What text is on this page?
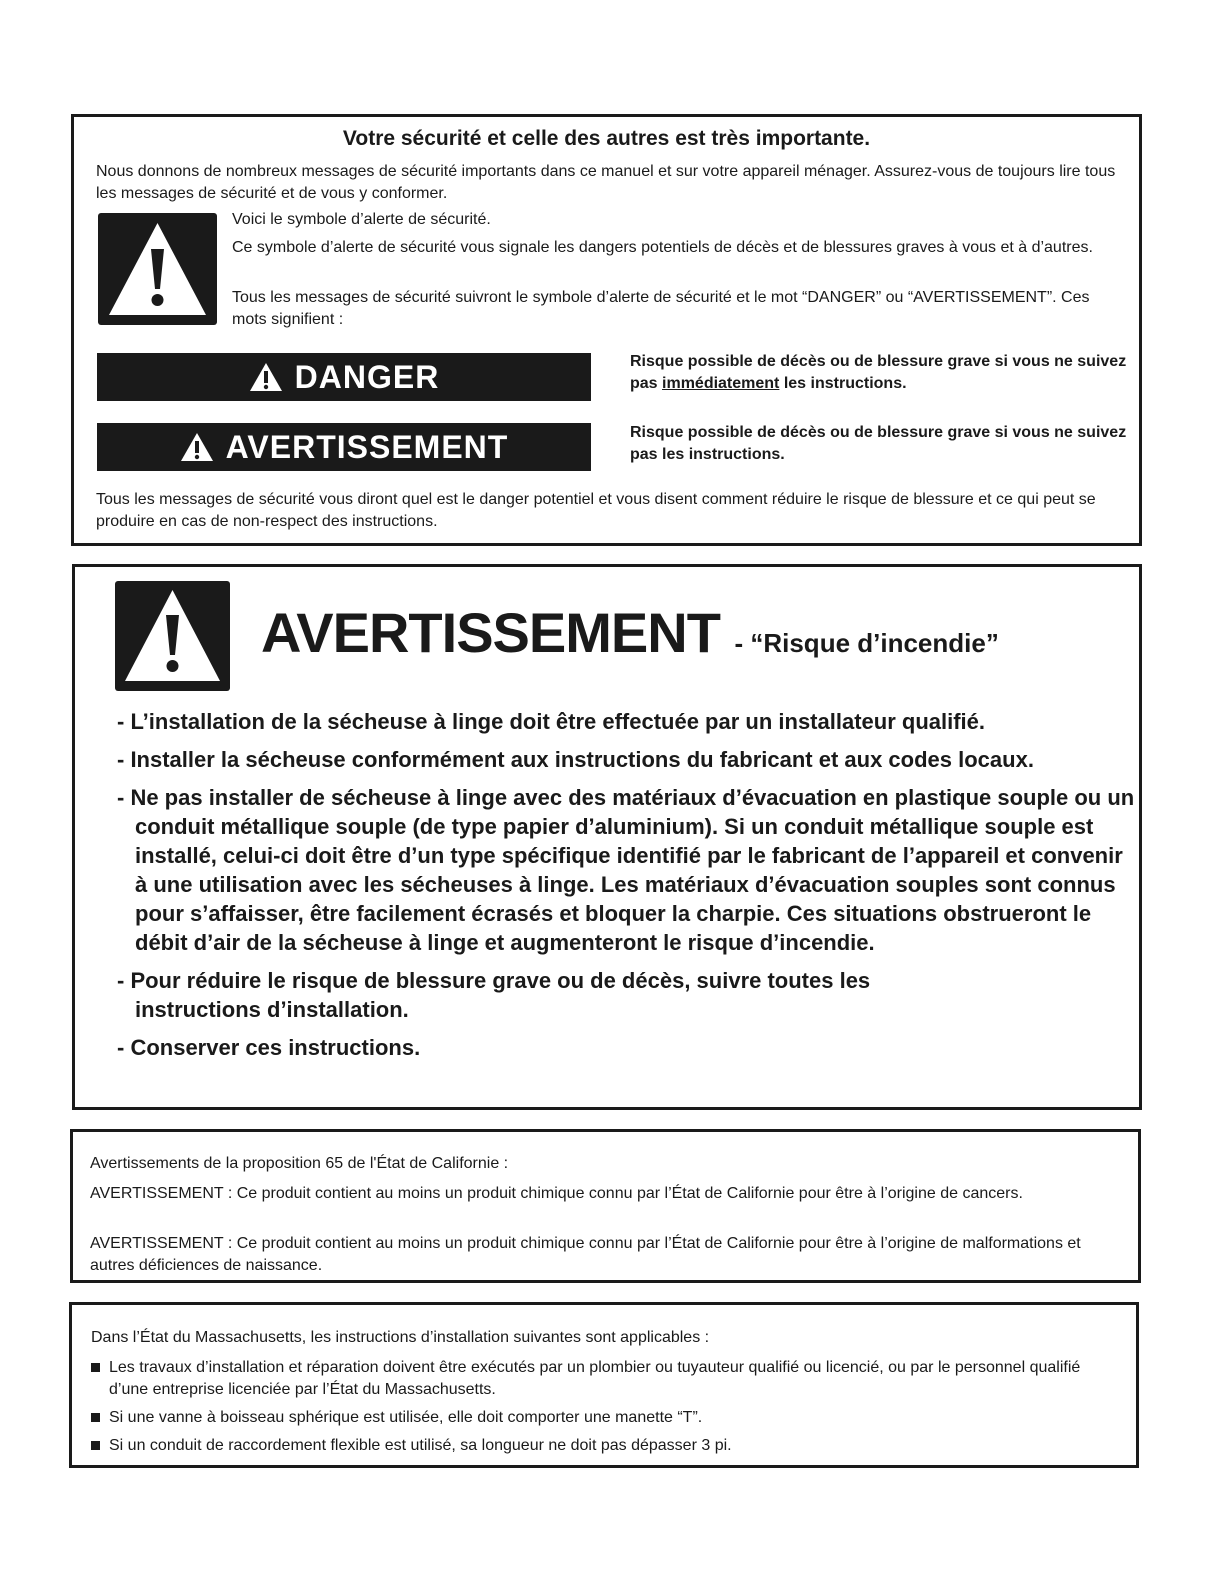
Votre sécurité et celle des autres est très importante.

Nous donnons de nombreux messages de sécurité importants dans ce manuel et sur votre appareil ménager. Assurez-vous de toujours lire tous les messages de sécurité et de vous y conformer.

Voici le symbole d’alerte de sécurité.

Ce symbole d’alerte de sécurité vous signale les dangers potentiels de décès et de blessures graves à vous et à d’autres.

Tous les messages de sécurité suivront le symbole d’alerte de sécurité et le mot “DANGER” ou “AVERTISSEMENT”. Ces mots signifient :

DANGER	Risque possible de décès ou de blessure grave si vous ne suivez pas immédiatement les instructions.

AVERTISSEMENT	Risque possible de décès ou de blessure grave si vous ne suivez pas les instructions.

Tous les messages de sécurité vous diront quel est le danger potentiel et vous disent comment réduire le risque de blessure et ce qui peut se produire en cas de non-respect des instructions.

AVERTISSEMENT - “Risque d’incendie”
- L’installation de la sécheuse à linge doit être effectuée par un installateur qualifié.
- Installer la sécheuse conformément aux instructions du fabricant et aux codes locaux.
- Ne pas installer de sécheuse à linge avec des matériaux d’évacuation en plastique souple ou un conduit métallique souple (de type papier d’aluminium). Si un conduit métallique souple est installé, celui-ci doit être d’un type spécifique identifié par le fabricant de l’appareil et convenir à une utilisation avec les sécheuses à linge. Les matériaux d’évacuation souples sont connus pour s’affaisser, être facilement écrasés et bloquer la charpie. Ces situations obstrueront le débit d’air de la sécheuse à linge et augmenteront le risque d’incendie.
- Pour réduire le risque de blessure grave ou de décès, suivre toutes les instructions d’installation.
- Conserver ces instructions.

Avertissements de la proposition 65 de l'État de Californie :

AVERTISSEMENT : Ce produit contient au moins un produit chimique connu par l’État de Californie pour être à l’origine de cancers.

AVERTISSEMENT : Ce produit contient au moins un produit chimique connu par l’État de Californie pour être à l’origine de malformations et autres déficiences de naissance.

Dans l’État du Massachusetts, les instructions d’installation suivantes sont applicables :

Les travaux d’installation et réparation doivent être exécutés par un plombier ou tuyauteur qualifié ou licencié, ou par le personnel qualifié d’une entreprise licenciée par l’État du Massachusetts.
Si une vanne à boisseau sphérique est utilisée, elle doit comporter une manette “T”.
Si un conduit de raccordement flexible est utilisé, sa longueur ne doit pas dépasser 3 pi.
